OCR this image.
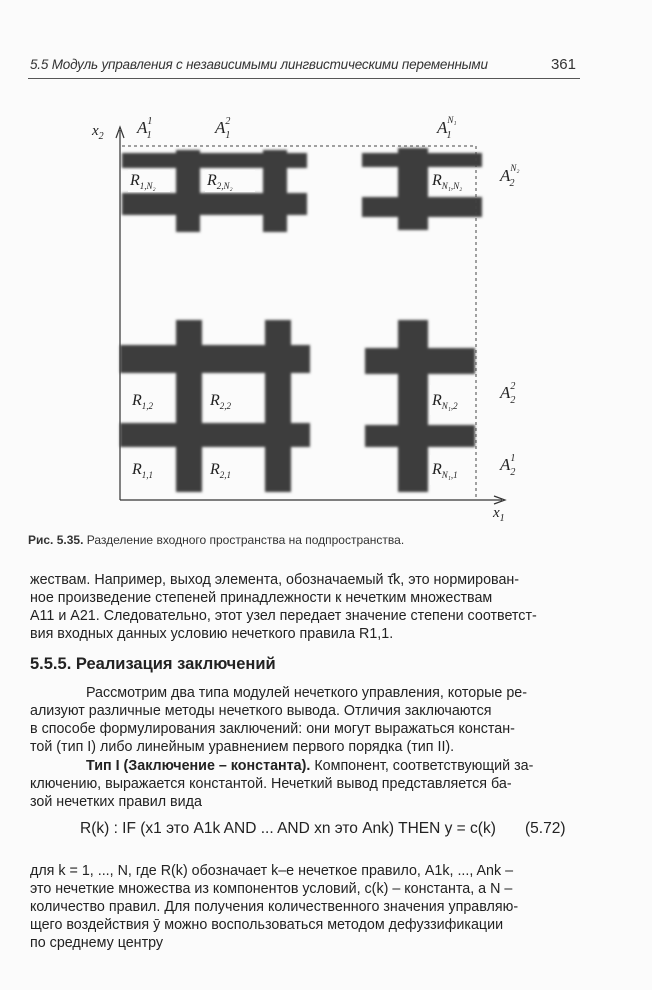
5.5 Модуль управления с независимыми лингвистическими переменными	361
$x_2$
$x_1$
$A^1$ 1	$A^2$ 1	$A^{N_1}$ 1
$A^{N_2}$ 2
$A^2$ 2
$A^1$ 2
$R_{1,N_2}$	$R_{2,N_2}$	$R_{N_1,N_2}$
$R_{1,2}$	$R_{2,2}$	$R_{N_1,2}$
$R_{1,1}$	$R_{2,1}$	$R_{N_1,1}$
Рис. 5.35. Разделение входного пространства на подпространства.
жествам. Например, выход элемента, обозначаемый τ̂k, это нормирован-
ное произведение степеней принадлежности к нечетким множествам
A11 и A21. Следовательно, этот узел передает значение степени соответст-
вия входных данных условию нечеткого правила R1,1.
5.5.5. Реализация заключений
Рассмотрим два типа модулей нечеткого управления, которые ре-
ализуют различные методы нечеткого вывода. Отличия заключаются
в способе формулирования заключений: они могут выражаться констан-
той (тип I) либо линейным уравнением первого порядка (тип II).
Тип I (Заключение – константа). Компонент, соответствующий за-
ключению, выражается константой. Нечеткий вывод представляется ба-
зой нечетких правил вида
R(k) : IF (x1 это A1k AND ... AND xn это Ank) THEN y = c(k) (5.72)
для k = 1, ..., N, где R(k) обозначает k–е нечеткое правило, A1k, ..., Ank –
это нечеткие множества из компонентов условий, c(k) – константа, а N –
количество правил. Для получения количественного значения управляю-
щего воздействия ȳ можно воспользоваться методом дефуззификации
по среднему центру
